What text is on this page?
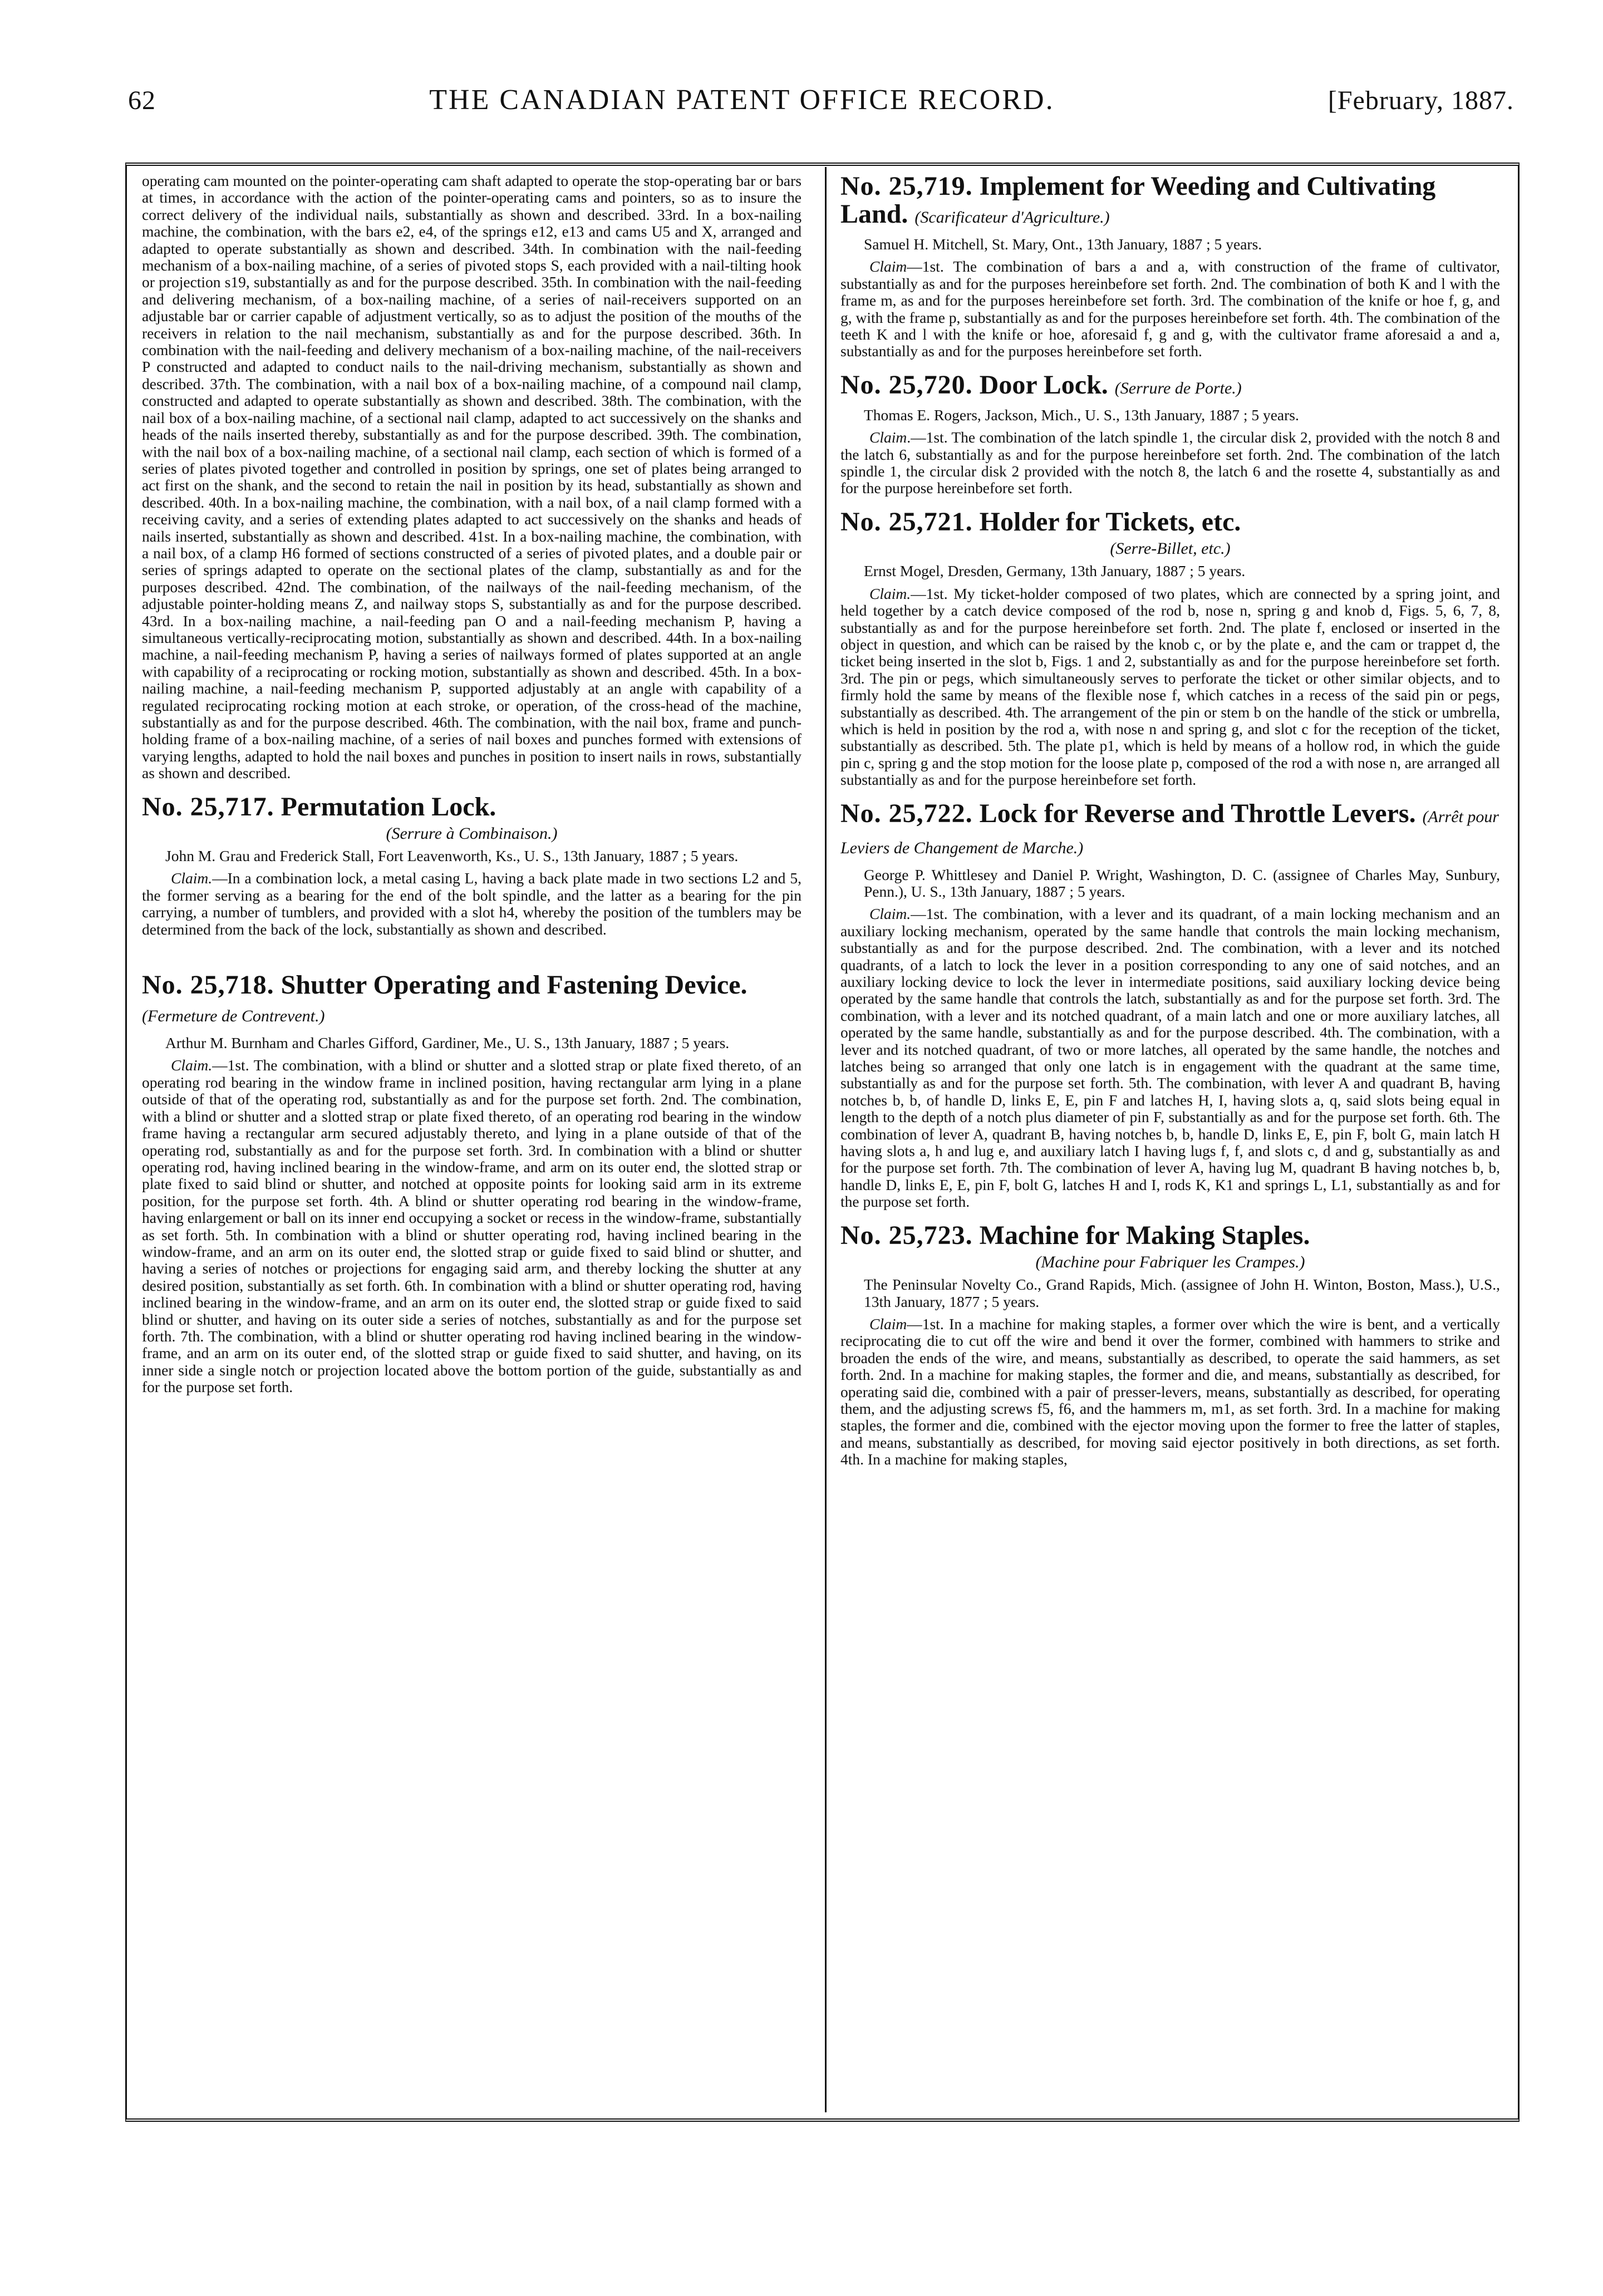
62	THE CANADIAN PATENT OFFICE RECORD.	[February, 1887.

operating cam mounted on the pointer-operating cam shaft adapted to operate the stop-operating bar or bars at times, in accordance with the action of the pointer-operating cams and pointers, so as to insure the correct delivery of the individual nails, substantially as shown and described. 33rd. In a box-nailing machine, the combination, with the bars e2, e4, of the springs e12, e13 and cams U5 and X, arranged and adapted to operate substantially as shown and described. 34th. In combination with the nail-feeding mechanism of a box-nailing machine, of a series of pivoted stops S, each provided with a nail-tilting hook or projection s19, substantially as and for the purpose described. 35th. In combination with the nail-feeding and delivering mechanism, of a box-nailing machine, of a series of nail-receivers supported on an adjustable bar or carrier capable of adjustment vertically, so as to adjust the position of the mouths of the receivers in relation to the nail mechanism, substantially as and for the purpose described. 36th. In combination with the nail-feeding and delivery mechanism of a box-nailing machine, of the nail-receivers P constructed and adapted to conduct nails to the nail-driving mechanism, substantially as shown and described. 37th. The combination, with a nail box of a box-nailing machine, of a compound nail clamp, constructed and adapted to operate substantially as shown and described. 38th. The combination, with the nail box of a box-nailing machine, of a sectional nail clamp, adapted to act successively on the shanks and heads of the nails inserted thereby, substantially as and for the purpose described. 39th. The combination, with the nail box of a box-nailing machine, of a sectional nail clamp, each section of which is formed of a series of plates pivoted together and controlled in position by springs, one set of plates being arranged to act first on the shank, and the second to retain the nail in position by its head, substantially as shown and described. 40th. In a box-nailing machine, the combination, with a nail box, of a nail clamp formed with a receiving cavity, and a series of extending plates adapted to act successively on the shanks and heads of nails inserted, substantially as shown and described. 41st. In a box-nailing machine, the combination, with a nail box, of a clamp H6 formed of sections constructed of a series of pivoted plates, and a double pair or series of springs adapted to operate on the sectional plates of the clamp, substantially as and for the purposes described. 42nd. The combination, of the nailways of the nail-feeding mechanism, of the adjustable pointer-holding means Z, and nailway stops S, substantially as and for the purpose described. 43rd. In a box-nailing machine, a nail-feeding pan O and a nail-feeding mechanism P, having a simultaneous vertically-reciprocating motion, substantially as shown and described. 44th. In a box-nailing machine, a nail-feeding mechanism P, having a series of nailways formed of plates supported at an angle with capability of a reciprocating or rocking motion, substantially as shown and described. 45th. In a box-nailing machine, a nail-feeding mechanism P, supported adjustably at an angle with capability of a regulated reciprocating rocking motion at each stroke, or operation, of the cross-head of the machine, substantially as and for the purpose described. 46th. The combination, with the nail box, frame and punch-holding frame of a box-nailing machine, of a series of nail boxes and punches formed with extensions of varying lengths, adapted to hold the nail boxes and punches in position to insert nails in rows, substantially as shown and described.

No. 25,717. Permutation Lock.
(Serrure à Combinaison.)

John M. Grau and Frederick Stall, Fort Leavenworth, Ks., U. S., 13th January, 1887 ; 5 years.

Claim.—In a combination lock, a metal casing L, having a back plate made in two sections L2 and 5, the former serving as a bearing for the end of the bolt spindle, and the latter as a bearing for the pin carrying, a number of tumblers, and provided with a slot h4, whereby the position of the tumblers may be determined from the back of the lock, substantially as shown and described.

No. 25,718. Shutter Operating and Fastening Device. (Fermeture de Contrevent.)

Arthur M. Burnham and Charles Gifford, Gardiner, Me., U. S., 13th January, 1887 ; 5 years.

Claim.—1st. The combination, with a blind or shutter and a slotted strap or plate fixed thereto, of an operating rod bearing in the window frame in inclined position, having rectangular arm lying in a plane outside of that of the operating rod, substantially as and for the purpose set forth. 2nd. The combination, with a blind or shutter and a slotted strap or plate fixed thereto, of an operating rod bearing in the window frame having a rectangular arm secured adjustably thereto, and lying in a plane outside of that of the operating rod, substantially as and for the purpose set forth. 3rd. In combination with a blind or shutter operating rod, having inclined bearing in the window-frame, and arm on its outer end, the slotted strap or plate fixed to said blind or shutter, and notched at opposite points for looking said arm in its extreme position, for the purpose set forth. 4th. A blind or shutter operating rod bearing in the window-frame, having enlargement or ball on its inner end occupying a socket or recess in the window-frame, substantially as set forth. 5th. In combination with a blind or shutter operating rod, having inclined bearing in the window-frame, and an arm on its outer end, the slotted strap or guide fixed to said blind or shutter, and having a series of notches or projections for engaging said arm, and thereby locking the shutter at any desired position, substantially as set forth. 6th. In combination with a blind or shutter operating rod, having inclined bearing in the window-frame, and an arm on its outer end, the slotted strap or guide fixed to said blind or shutter, and having on its outer side a series of notches, substantially as and for the purpose set forth. 7th. The combination, with a blind or shutter operating rod having inclined bearing in the window-frame, and an arm on its outer end, of the slotted strap or guide fixed to said shutter, and having, on its inner side a single notch or projection located above the bottom portion of the guide, substantially as and for the purpose set forth.

No. 25,719. Implement for Weeding and Cultivating Land. (Scarificateur d'Agriculture.)

Samuel H. Mitchell, St. Mary, Ont., 13th January, 1887 ; 5 years.

Claim—1st. The combination of bars a and a, with construction of the frame of cultivator, substantially as and for the purposes hereinbefore set forth. 2nd. The combination of both K and l with the frame m, as and for the purposes hereinbefore set forth. 3rd. The combination of the knife or hoe f, g, and g, with the frame p, substantially as and for the purposes hereinbefore set forth. 4th. The combination of the teeth K and l with the knife or hoe, aforesaid f, g and g, with the cultivator frame aforesaid a and a, substantially as and for the purposes hereinbefore set forth.

No. 25,720. Door Lock. (Serrure de Porte.)

Thomas E. Rogers, Jackson, Mich., U. S., 13th January, 1887 ; 5 years.

Claim.—1st. The combination of the latch spindle 1, the circular disk 2, provided with the notch 8 and the latch 6, substantially as and for the purpose hereinbefore set forth. 2nd. The combination of the latch spindle 1, the circular disk 2 provided with the notch 8, the latch 6 and the rosette 4, substantially as and for the purpose hereinbefore set forth.

No. 25,721. Holder for Tickets, etc.
(Serre-Billet, etc.)

Ernst Mogel, Dresden, Germany, 13th January, 1887 ; 5 years.

Claim.—1st. My ticket-holder composed of two plates, which are connected by a spring joint, and held together by a catch device composed of the rod b, nose n, spring g and knob d, Figs. 5, 6, 7, 8, substantially as and for the purpose hereinbefore set forth. 2nd. The plate f, enclosed or inserted in the object in question, and which can be raised by the knob c, or by the plate e, and the cam or trappet d, the ticket being inserted in the slot b, Figs. 1 and 2, substantially as and for the purpose hereinbefore set forth. 3rd. The pin or pegs, which simultaneously serves to perforate the ticket or other similar objects, and to firmly hold the same by means of the flexible nose f, which catches in a recess of the said pin or pegs, substantially as described. 4th. The arrangement of the pin or stem b on the handle of the stick or umbrella, which is held in position by the rod a, with nose n and spring g, and slot c for the reception of the ticket, substantially as described. 5th. The plate p1, which is held by means of a hollow rod, in which the guide pin c, spring g and the stop motion for the loose plate p, composed of the rod a with nose n, are arranged all substantially as and for the purpose hereinbefore set forth.

No. 25,722. Lock for Reverse and Throttle Levers. (Arrêt pour Leviers de Changement de Marche.)

George P. Whittlesey and Daniel P. Wright, Washington, D. C. (assignee of Charles May, Sunbury, Penn.), U. S., 13th January, 1887 ; 5 years.

Claim.—1st. The combination, with a lever and its quadrant, of a main locking mechanism and an auxiliary locking mechanism, operated by the same handle that controls the main locking mechanism, substantially as and for the purpose described. 2nd. The combination, with a lever and its notched quadrants, of a latch to lock the lever in a position corresponding to any one of said notches, and an auxiliary locking device to lock the lever in intermediate positions, said auxiliary locking device being operated by the same handle that controls the latch, substantially as and for the purpose set forth. 3rd. The combination, with a lever and its notched quadrant, of a main latch and one or more auxiliary latches, all operated by the same handle, substantially as and for the purpose described. 4th. The combination, with a lever and its notched quadrant, of two or more latches, all operated by the same handle, the notches and latches being so arranged that only one latch is in engagement with the quadrant at the same time, substantially as and for the purpose set forth. 5th. The combination, with lever A and quadrant B, having notches b, b, of handle D, links E, E, pin F and latches H, I, having slots a, q, said slots being equal in length to the depth of a notch plus diameter of pin F, substantially as and for the purpose set forth. 6th. The combination of lever A, quadrant B, having notches b, b, handle D, links E, E, pin F, bolt G, main latch H having slots a, h and lug e, and auxiliary latch I having lugs f, f, and slots c, d and g, substantially as and for the purpose set forth. 7th. The combination of lever A, having lug M, quadrant B having notches b, b, handle D, links E, E, pin F, bolt G, latches H and I, rods K, K1 and springs L, L1, substantially as and for the purpose set forth.

No. 25,723. Machine for Making Staples.
(Machine pour Fabriquer les Crampes.)

The Peninsular Novelty Co., Grand Rapids, Mich. (assignee of John H. Winton, Boston, Mass.), U.S., 13th January, 1877 ; 5 years.

Claim—1st. In a machine for making staples, a former over which the wire is bent, and a vertically reciprocating die to cut off the wire and bend it over the former, combined with hammers to strike and broaden the ends of the wire, and means, substantially as described, to operate the said hammers, as set forth. 2nd. In a machine for making staples, the former and die, and means, substantially as described, for operating said die, combined with a pair of presser-levers, means, substantially as described, for operating them, and the adjusting screws f5, f6, and the hammers m, m1, as set forth. 3rd. In a machine for making staples, the former and die, combined with the ejector moving upon the former to free the latter of staples, and means, substantially as described, for moving said ejector positively in both directions, as set forth. 4th. In a machine for making staples,
